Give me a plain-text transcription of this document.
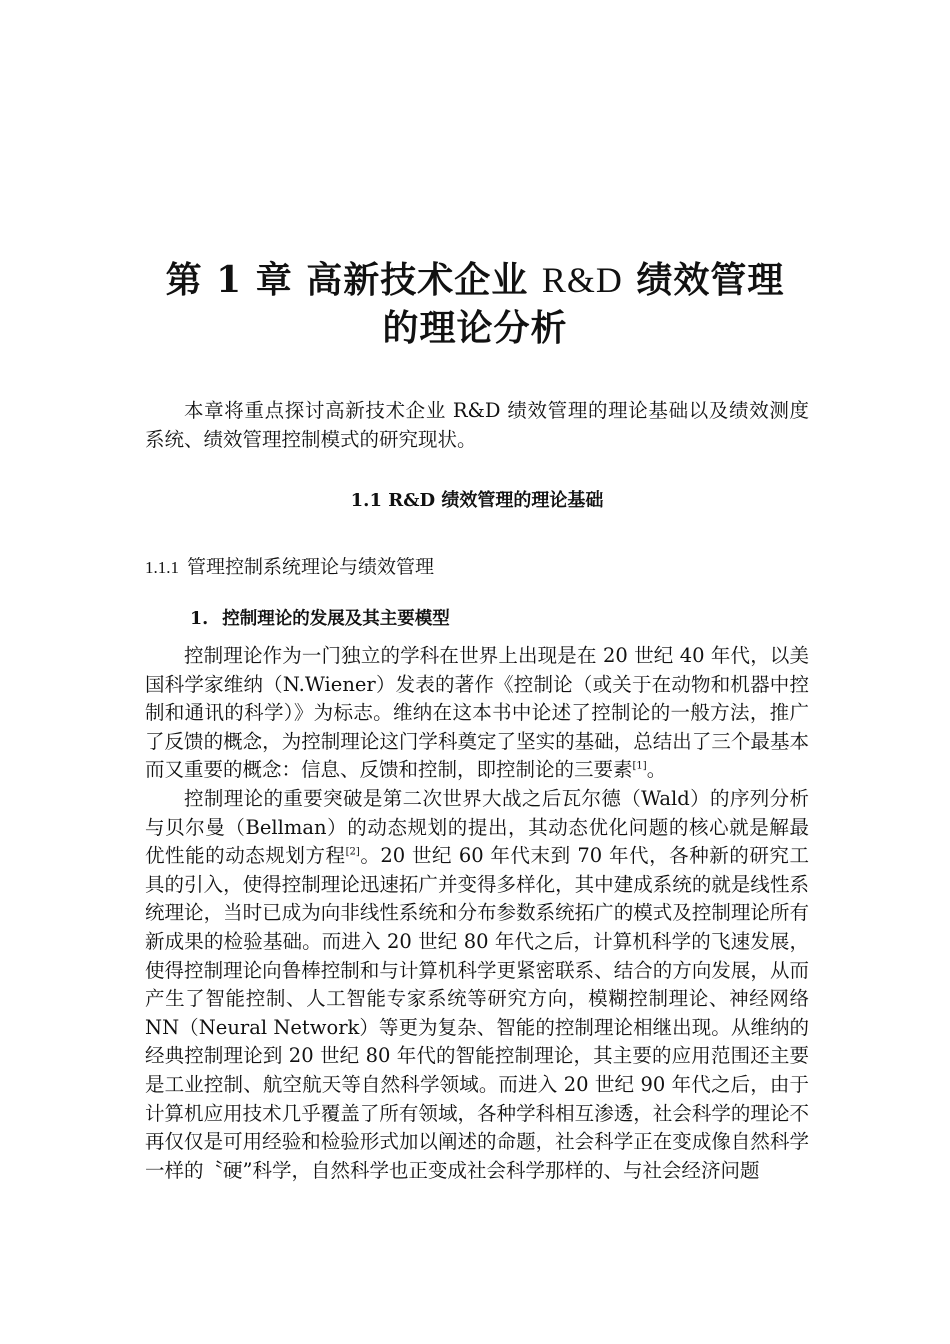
第 1 章 高新技术企业 R&D 绩效管理
的理论分析

本章将重点探讨高新技术企业 R&D 绩效管理的理论基础以及绩效测度系统、绩效管理控制模式的研究现状。

1.1 R&D 绩效管理的理论基础
1.1.1 管理控制系统理论与绩效管理
1. 控制理论的发展及其主要模型

控制理论作为一门独立的学科在世界上出现是在 20 世纪 40 年代，以美国科学家维纳（N.Wiener）发表的著作《控制论（或关于在动物和机器中控制和通讯的科学）》为标志。维纳在这本书中论述了控制论的一般方法，推广了反馈的概念，为控制理论这门学科奠定了坚实的基础，总结出了三个最基本而又重要的概念：信息、反馈和控制，即控制论的三要素[1]。

控制理论的重要突破是第二次世界大战之后瓦尔德（Wald）的序列分析与贝尔曼（Bellman）的动态规划的提出，其动态优化问题的核心就是解最优性能的动态规划方程[2]。20 世纪 60 年代末到 70 年代，各种新的研究工具的引入，使得控制理论迅速拓广并变得多样化，其中建成系统的就是线性系统理论，当时已成为向非线性系统和分布参数系统拓广的模式及控制理论所有新成果的检验基础。而进入 20 世纪 80 年代之后，计算机科学的飞速发展，使得控制理论向鲁棒控制和与计算机科学更紧密联系、结合的方向发展，从而产生了智能控制、人工智能专家系统等研究方向，模糊控制理论、神经网络 NN（Neural Network）等更为复杂、智能的控制理论相继出现。从维纳的经典控制理论到 20 世纪 80 年代的智能控制理论，其主要的应用范围还主要是工业控制、航空航天等自然科学领域。而进入 20 世纪 90 年代之后，由于计算机应用技术几乎覆盖了所有领域，各种学科相互渗透，社会科学的理论不再仅仅是可用经验和检验形式加以阐述的命题，社会科学正在变成像自然科学一样的〝硬”科学，自然科学也正变成社会科学那样的、与社会经济问题
